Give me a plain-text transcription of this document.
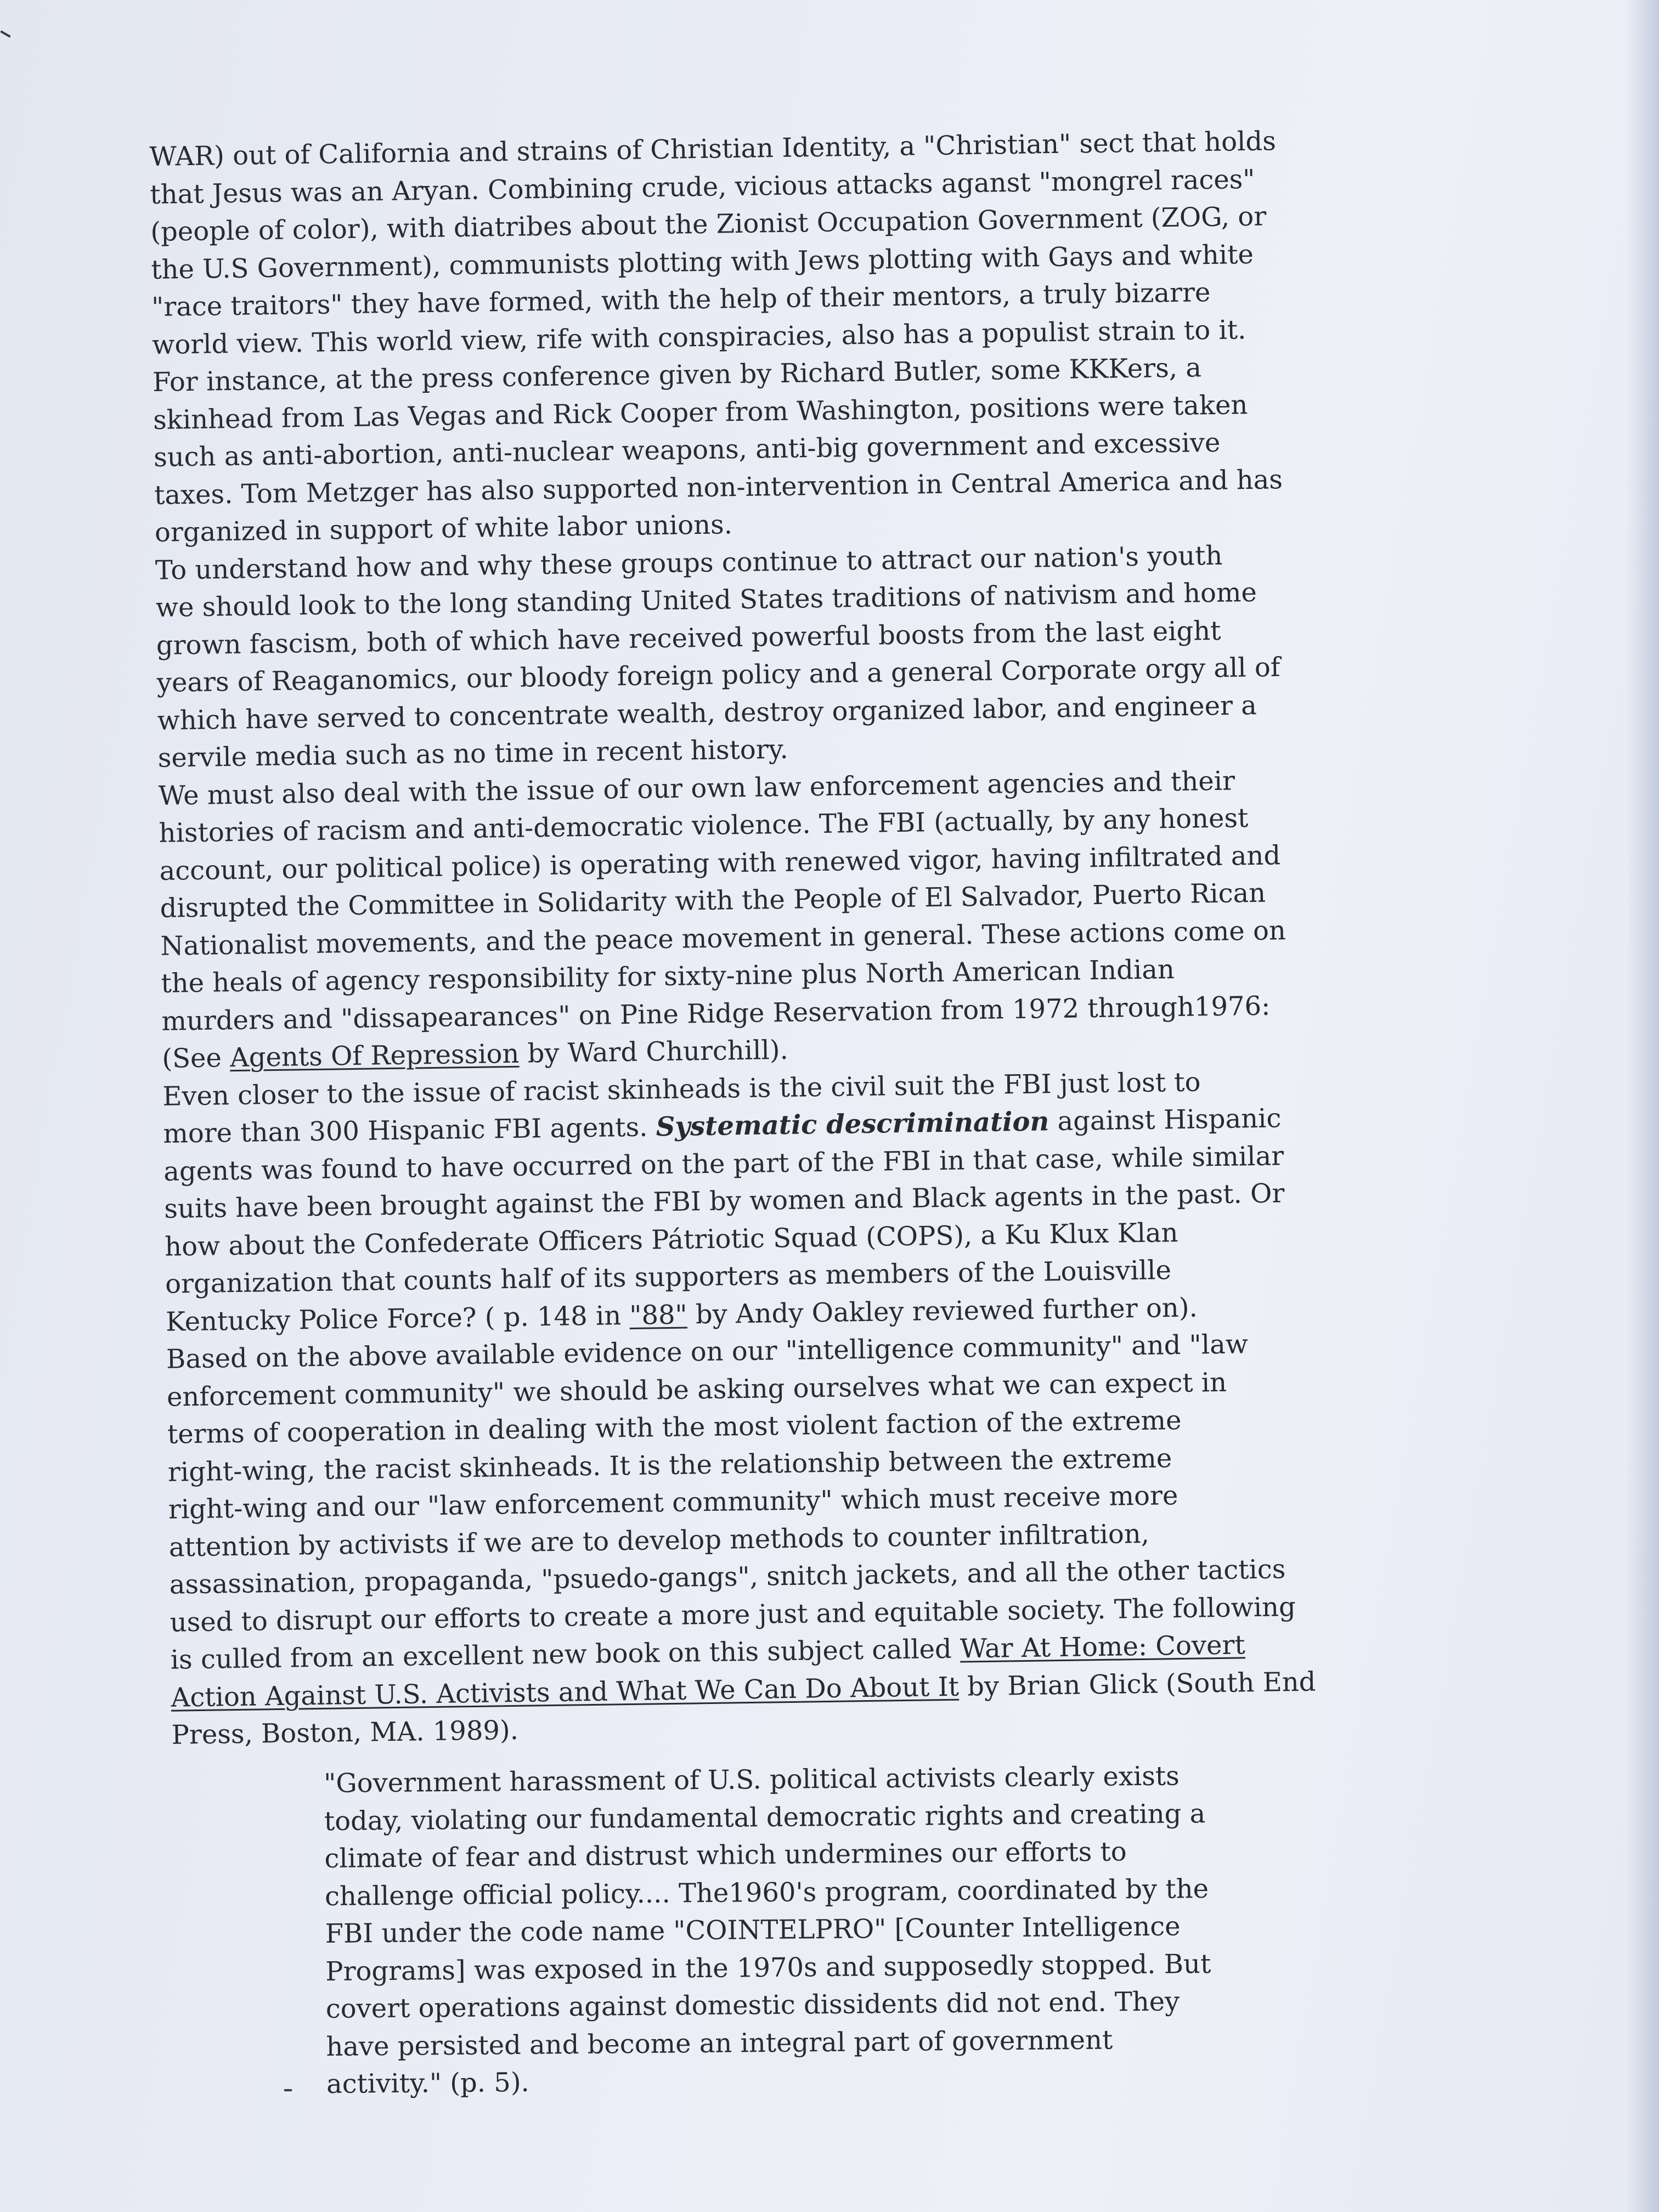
WAR) out of California and strains of Christian Identity, a "Christian" sect that holds
that Jesus was an Aryan. Combining crude, vicious attacks aganst "mongrel races"
(people of color), with diatribes about the Zionist Occupation Government (ZOG, or
the U.S Government), communists plotting with Jews plotting with Gays and white
"race traitors" they have formed, with the help of their mentors, a truly bizarre
world view. This world view, rife with conspiracies, also has a populist strain to it.
For instance, at the press conference given by Richard Butler, some KKKers, a
skinhead from Las Vegas and Rick Cooper from Washington, positions were taken
such as anti-abortion, anti-nuclear weapons, anti-big government and excessive
taxes. Tom Metzger has also supported non-intervention in Central America and has
organized in support of white labor unions.
To understand how and why these groups continue to attract our nation's youth
we should look to the long standing United States traditions of nativism and home
grown fascism, both of which have received powerful boosts from the last eight
years of Reaganomics, our bloody foreign policy and a general Corporate orgy all of
which have served to concentrate wealth, destroy organized labor, and engineer a
servile media such as no time in recent history.
We must also deal with the issue of our own law enforcement agencies and their
histories of racism and anti-democratic violence. The FBI (actually, by any honest
account, our political police) is operating with renewed vigor, having infiltrated and
disrupted the Committee in Solidarity with the People of El Salvador, Puerto Rican
Nationalist movements, and the peace movement in general. These actions come on
the heals of agency responsibility for sixty-nine plus North American Indian
murders and "dissapearances" on Pine Ridge Reservation from 1972 through1976:
(See Agents Of Repression by Ward Churchill).
Even closer to the issue of racist skinheads is the civil suit the FBI just lost to
more than 300 Hispanic FBI agents. Systematic descrimination against Hispanic
agents was found to have occurred on the part of the FBI in that case, while similar
suits have been brought against the FBI by women and Black agents in the past. Or
how about the Confederate Officers Pátriotic Squad (COPS), a Ku Klux Klan
organization that counts half of its supporters as members of the Louisville
Kentucky Police Force? ( p. 148 in "88" by Andy Oakley reviewed further on).
Based on the above available evidence on our "intelligence community" and "law
enforcement community" we should be asking ourselves what we can expect in
terms of cooperation in dealing with the most violent faction of the extreme
right-wing, the racist skinheads. It is the relationship between the extreme
right-wing and our "law enforcement community" which must receive more
attention by activists if we are to develop methods to counter infiltration,
assassination, propaganda, "psuedo-gangs", snitch jackets, and all the other tactics
used to disrupt our efforts to create a more just and equitable society. The following
is culled from an excellent new book on this subject called War At Home: Covert
Action Against U.S. Activists and What We Can Do About It by Brian Glick (South End
Press, Boston, MA. 1989).
"Government harassment of U.S. political activists clearly exists
today, violating our fundamental democratic rights and creating a
climate of fear and distrust which undermines our efforts to
challenge official policy.... The1960's program, coordinated by the
FBI under the code name "COINTELPRO" [Counter Intelligence
Programs] was exposed in the 1970s and supposedly stopped. But
covert operations against domestic dissidents did not end. They
have persisted and become an integral part of government
activity." (p. 5).
